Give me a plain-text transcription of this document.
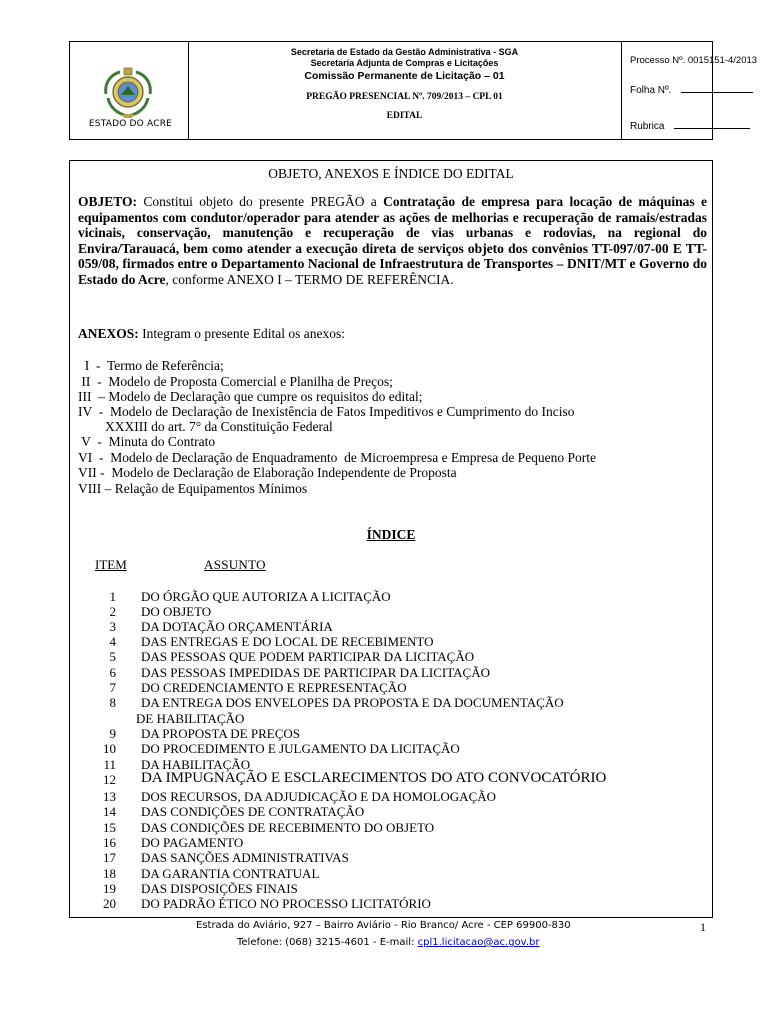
ESTADO DO ACRE
Secretaria de Estado da Gestão Administrativa - SGA
Secretaria Adjunta de Compras e Licitações
Comissão Permanente de Licitação – 01
PREGÃO PRESENCIAL Nº. 709/2013 – CPL 01
EDITAL
Processo Nº. 0015151-4/2013
Folha Nº.
Rubrica
OBJETO, ANEXOS E ÍNDICE DO EDITAL
OBJETO: Constitui objeto do presente PREGÃO a Contratação de empresa para locação de máquinas e equipamentos com condutor/operador para atender as ações de melhorias e recuperação de ramais/estradas vicinais, conservação, manutenção e recuperação de vias urbanas e rodovias, na regional do Envira/Tarauacá, bem como atender a execução direta de serviços objeto dos convênios TT-097/07-00 E TT-059/08, firmados entre o Departamento Nacional de Infraestrutura de Transportes – DNIT/MT e Governo do Estado do Acre, conforme ANEXO I – TERMO DE REFERÊNCIA.
ANEXOS: Integram o presente Edital os anexos:
I  -  Termo de Referência;
II  -  Modelo de Proposta Comercial e Planilha de Preços;
III  – Modelo de Declaração que cumpre os requisitos do edital;
IV  -  Modelo de Declaração de Inexistência de Fatos Impeditivos e Cumprimento do Inciso
XXXIII do art. 7° da Constituição Federal
V  -  Minuta do Contrato
VI  -  Modelo de Declaração de Enquadramento  de Microempresa e Empresa de Pequeno Porte
VII -  Modelo de Declaração de Elaboração Independente de Proposta
VIII – Relação de Equipamentos Mínimos
ÍNDICE
ITEM	ASSUNTO
1 DO ÓRGÃO QUE AUTORIZA A LICITAÇÃO
2 DO OBJETO
3 DA DOTAÇÃO ORÇAMENTÁRIA
4 DAS ENTREGAS E DO LOCAL DE RECEBIMENTO
5 DAS PESSOAS QUE PODEM PARTICIPAR DA LICITAÇÃO
6 DAS PESSOAS IMPEDIDAS DE PARTICIPAR DA LICITAÇÃO
7 DO CREDENCIAMENTO E REPRESENTAÇÃO
8 DA ENTREGA DOS ENVELOPES DA PROPOSTA E DA DOCUMENTAÇÃO
DE HABILITAÇÃO
9 DA PROPOSTA DE PREÇOS
10 DO PROCEDIMENTO E JULGAMENTO DA LICITAÇÃO
11 DA HABILITAÇÃO
12 DA IMPUGNAÇÃO E ESCLARECIMENTOS DO ATO CONVOCATÓRIO
13 DOS RECURSOS, DA ADJUDICAÇÃO E DA HOMOLOGAÇÃO
14 DAS CONDIÇÕES DE CONTRATAÇÃO
15 DAS CONDIÇÕES DE RECEBIMENTO DO OBJETO
16 DO PAGAMENTO
17 DAS SANÇÕES ADMINISTRATIVAS
18 DA GARANTIA CONTRATUAL
19 DAS DISPOSIÇÕES FINAIS
20 DO PADRÃO ÉTICO NO PROCESSO LICITATÓRIO
Estrada do Aviário, 927 – Bairro Aviário - Rio Branco/ Acre - CEP 69900-830
Telefone: (068) 3215-4601 - E-mail: cpl1.licitacao@ac.gov.br
1
